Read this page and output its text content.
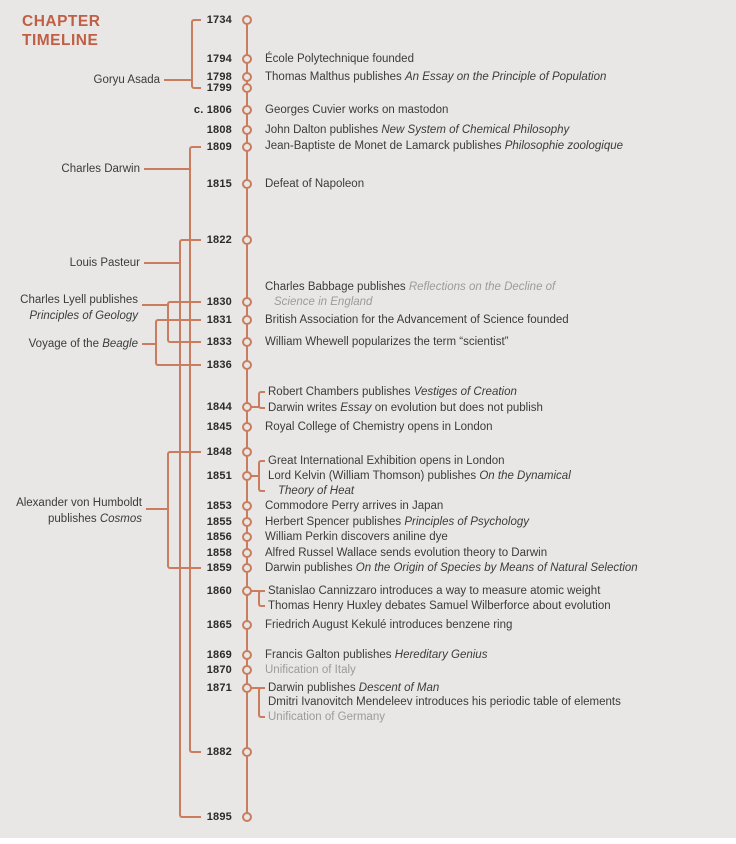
CHAPTER
TIMELINE
1734
1794
1798
1799
c. 1806
1808
1809
1815
1822
1830
1831
1833
1836
1844
1845
1848
1851
1853
1855
1856
1858
1859
1860
1865
1869
1870
1871
1882
1895
École Polytechnique founded
Thomas Malthus publishes An Essay on the Principle of Population
Georges Cuvier works on mastodon
John Dalton publishes New System of Chemical Philosophy
Jean-Baptiste de Monet de Lamarck publishes Philosophie zoologique
Defeat of Napoleon
Charles Babbage publishes Reflections on the Decline of
Science in England
British Association for the Advancement of Science founded
William Whewell popularizes the term “scientist”
Robert Chambers publishes Vestiges of Creation
Darwin writes Essay on evolution but does not publish
Royal College of Chemistry opens in London
Great International Exhibition opens in London
Lord Kelvin (William Thomson) publishes On the Dynamical
Theory of Heat
Commodore Perry arrives in Japan
Herbert Spencer publishes Principles of Psychology
William Perkin discovers aniline dye
Alfred Russel Wallace sends evolution theory to Darwin
Darwin publishes On the Origin of Species by Means of Natural Selection
Stanislao Cannizzaro introduces a way to measure atomic weight
Thomas Henry Huxley debates Samuel Wilberforce about evolution
Friedrich August Kekulé introduces benzene ring
Francis Galton publishes Hereditary Genius
Unification of Italy
Darwin publishes Descent of Man
Dmitri Ivanovitch Mendeleev introduces his periodic table of elements
Unification of Germany
Goryu Asada
Charles Darwin
Louis Pasteur
Charles Lyell publishes
Principles of Geology
Voyage of the Beagle
Alexander von Humboldt
publishes Cosmos
